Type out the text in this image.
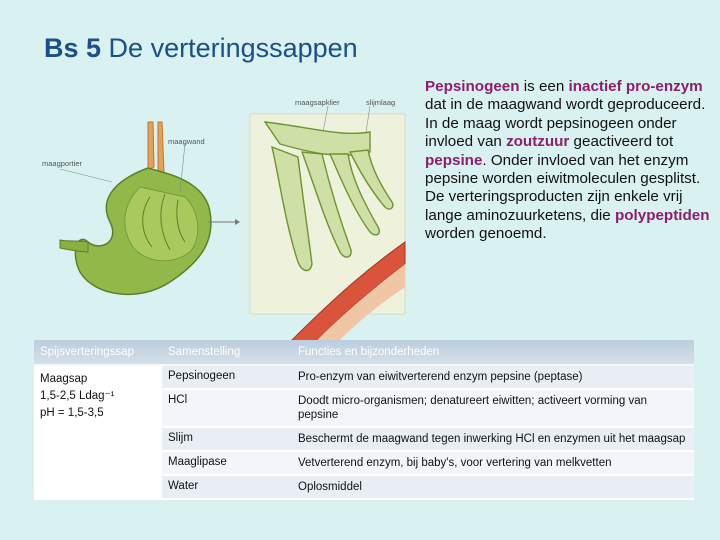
Bs 5 De verteringssappen
maagportier
maagwand
maagsapklier	slijmlaag
Pepsinogeen is een inactief pro-enzym dat in de maagwand wordt geproduceerd. In de maag wordt pepsinogeen onder invloed van zoutzuur geactiveerd tot pepsine. Onder invloed van het enzym pepsine worden eiwitmoleculen gesplitst. De verteringsproducten zijn enkele vrij lange aminozuurketens, die polypeptiden worden genoemd.
Spijsverteringssap	Samenstelling	Functies en bijzonderheden
Maagsap
1,5-2,5 Ldag⁻¹
pH = 1,5-3,5
Pepsinogeen	Pro-enzym van eiwitverterend enzym pepsine (peptase)
HCl	Doodt micro-organismen; denatureert eiwitten; activeert vorming van pepsine
Slijm	Beschermt de maagwand tegen inwerking HCl en enzymen uit het maagsap
Maaglipase	Vetverterend enzym, bij baby's, voor vertering van melkvetten
Water	Oplosmiddel
